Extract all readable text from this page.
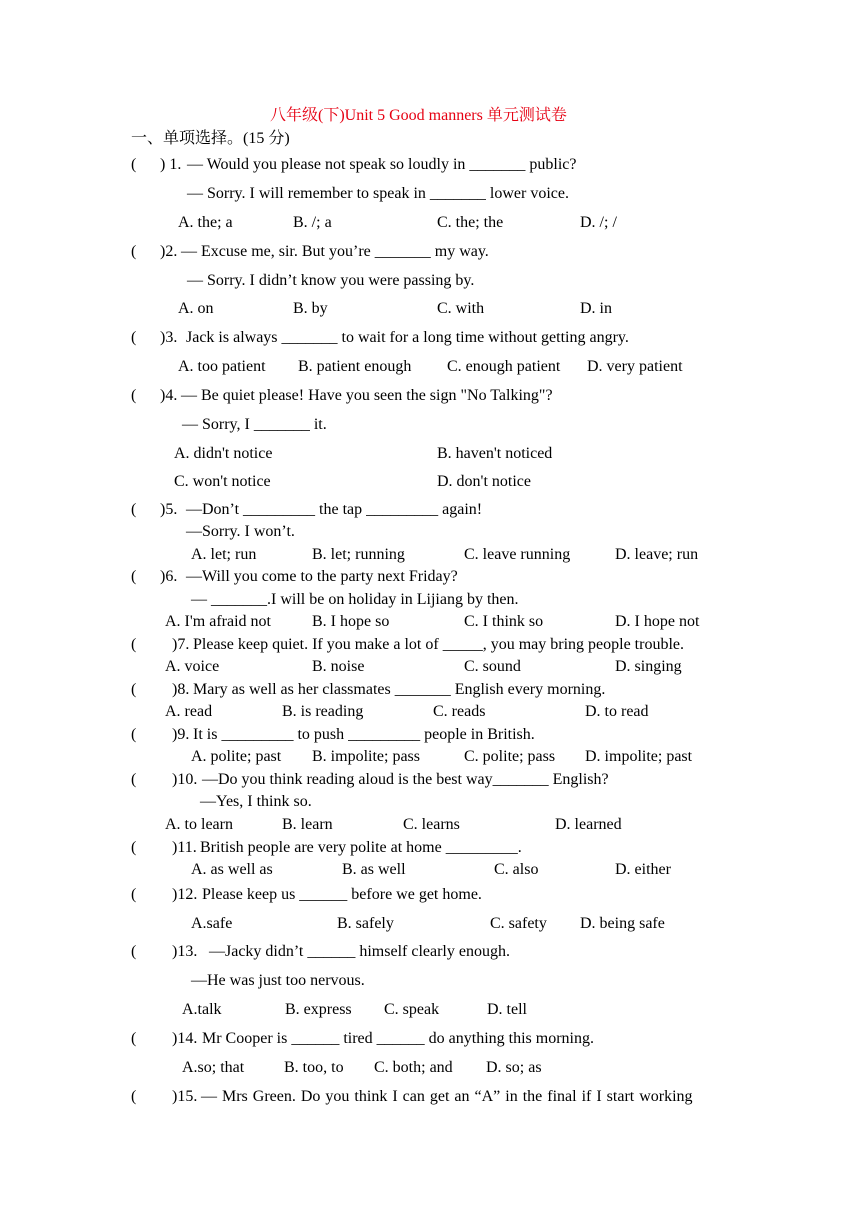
八年级(下)Unit 5 Good manners 单元测试卷
一、单项选择。(15 分)
( ) 1. — Would you please not speak so loudly in _______ public?
— Sorry. I will remember to speak in _______ lower voice.
A. the; a	B. /; a	C. the; the	D. /; /
( )2. — Excuse me, sir. But you’re _______ my way.
— Sorry. I didn’t know you were passing by.
A. on	B. by	C. with	D. in
( )3. Jack is always _______ to wait for a long time without getting angry.
A. too patient B. patient enough C. enough patient D. very patient
( )4. — Be quiet please! Have you seen the sign "No Talking"?
— Sorry, I _______ it.
A. didn't notice	B. haven't noticed
C. won't notice	D. don't notice
( )5. —Don’t _________ the tap _________ again!
—Sorry. I won’t.
A. let; run	B. let; running	C. leave running	D. leave; run
( )6. —Will you come to the party next Friday?
— _______.I will be on holiday in Lijiang by then.
A. I'm afraid not	B. I hope so	C. I think so	D. I hope not
( )7. Please keep quiet. If you make a lot of _____, you may bring people trouble.
A. voice	B. noise	C. sound	D. singing
( )8. Mary as well as her classmates _______ English every morning.
A. read	B. is reading	C. reads	D. to read
( )9. It is _________ to push _________ people in British.
A. polite; past B. impolite; pass	C. polite; pass D. impolite; past
( )10. —Do you think reading aloud is the best way_______ English?
—Yes, I think so.
A. to learn	B. learn	C. learns	D. learned
( )11. British people are very polite at home _________.
A. as well as	B. as well	C. also	D. either
( )12. Please keep us ______ before we get home.
A.safe	B. safely	C. safety D. being safe
( )13. —Jacky didn’t ______ himself clearly enough.
—He was just too nervous.
A.talk	B. express C. speak	D. tell
( )14. Mr Cooper is ______ tired ______ do anything this morning.
A.so; that B. too, to C. both; and D. so; as
( )15. — Mrs Green. Do you think I can get an “A” in the final if I start working
